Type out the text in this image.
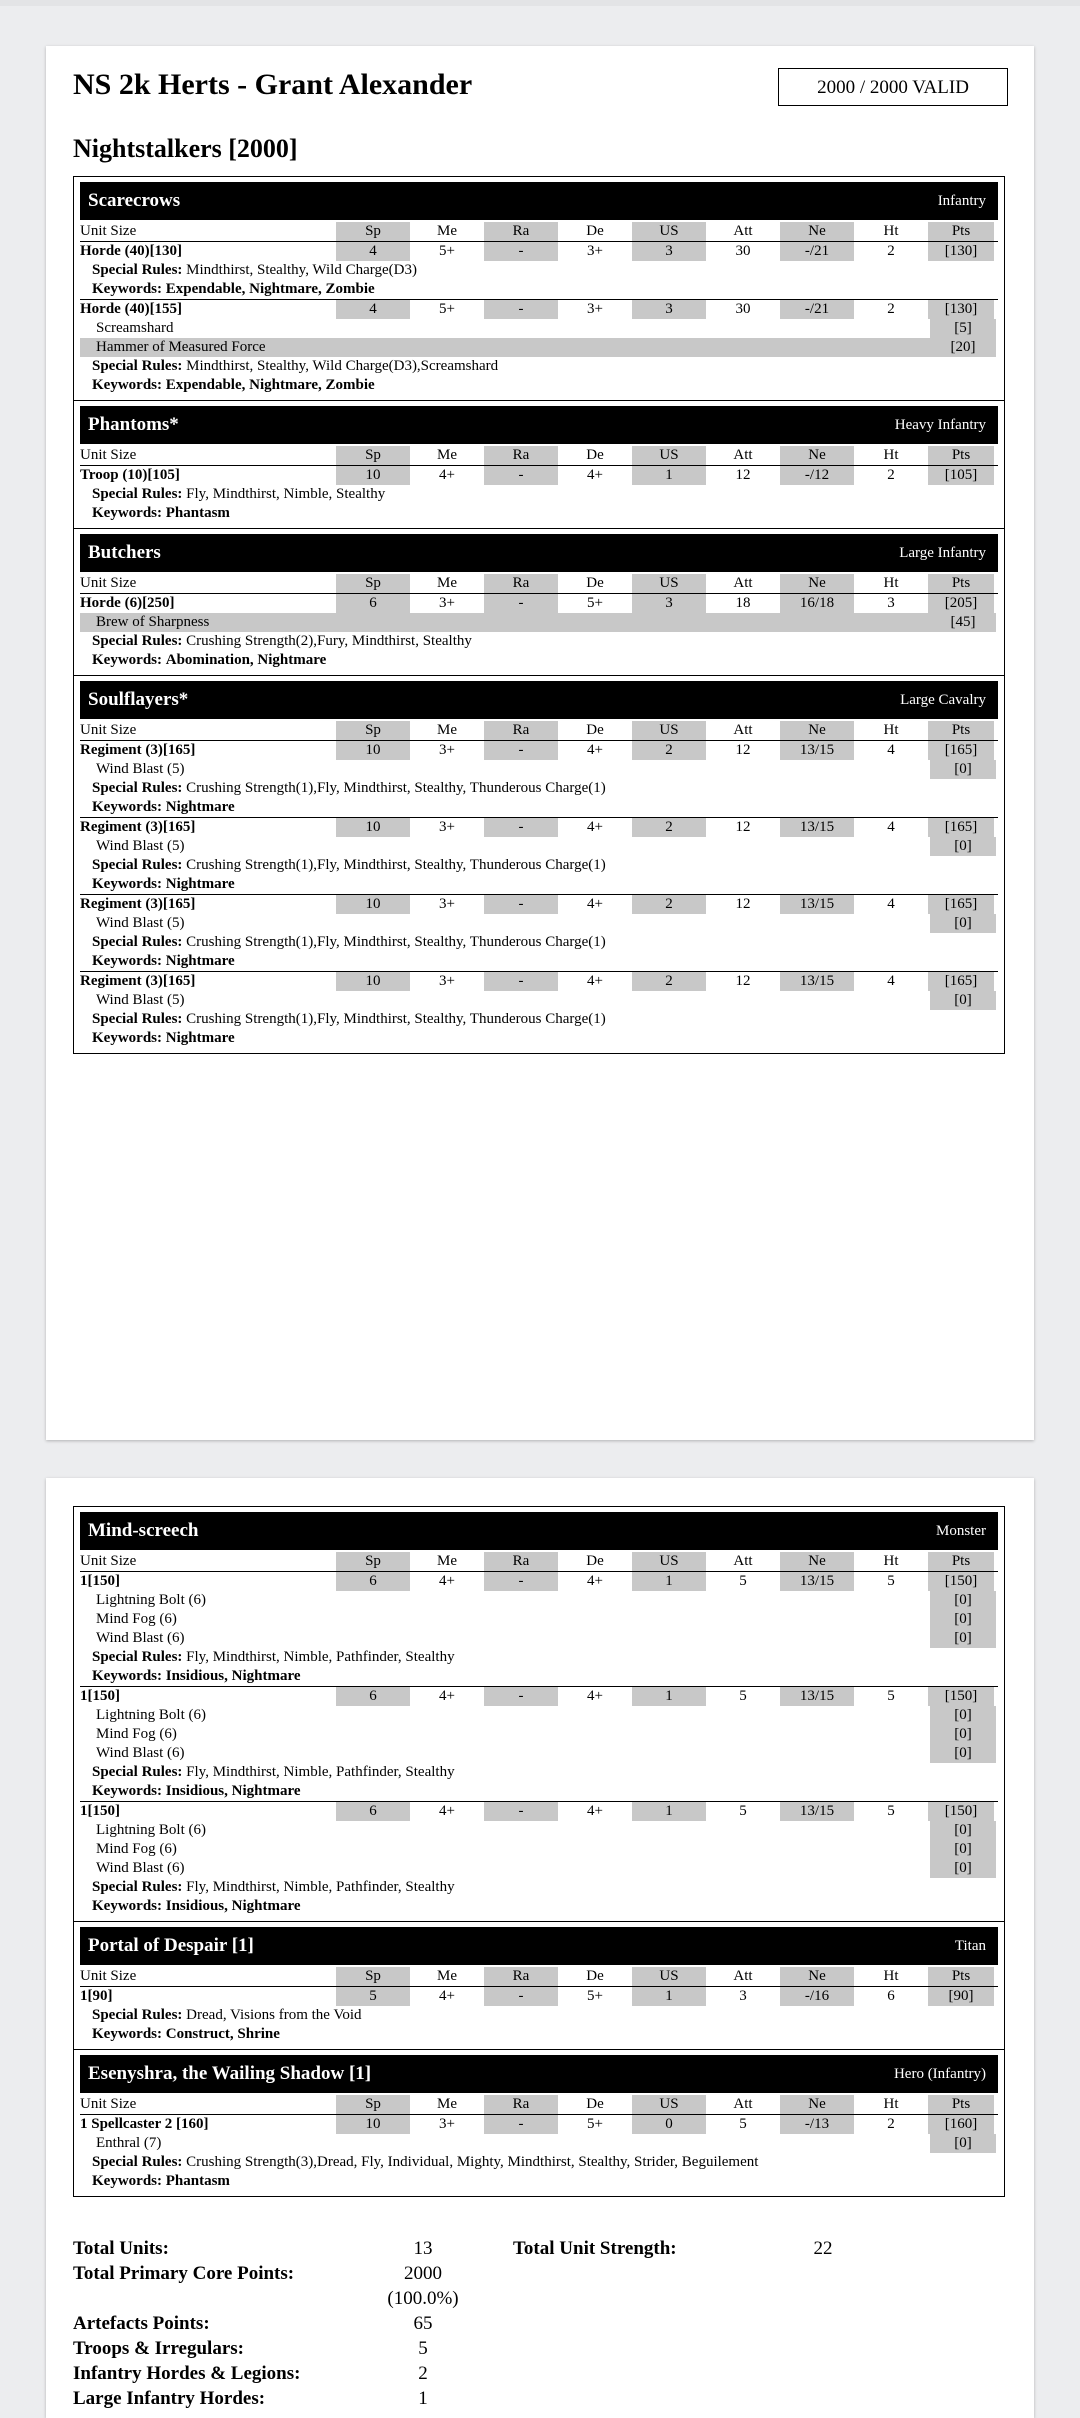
NS 2k Herts - Grant Alexander	2000 / 2000 VALID
Nightstalkers [2000]
Scarecrows	Infantry
Unit Size	Sp	Me	Ra	De	US	Att	Ne	Ht	Pts
Horde (40)[130]	4	5+	-	3+	3	30	-/21	2	[130]
Special Rules: Mindthirst, Stealthy, Wild Charge(D3)
Keywords: Expendable, Nightmare, Zombie
Horde (40)[155]	4	5+	-	3+	3	30	-/21	2	[130]
Screamshard	[5]
Hammer of Measured Force	[20]
Special Rules: Mindthirst, Stealthy, Wild Charge(D3),Screamshard
Keywords: Expendable, Nightmare, Zombie
Phantoms*	Heavy Infantry
Unit Size	Sp	Me	Ra	De	US	Att	Ne	Ht	Pts
Troop (10)[105]	10	4+	-	4+	1	12	-/12	2	[105]
Special Rules: Fly, Mindthirst, Nimble, Stealthy
Keywords: Phantasm
Butchers	Large Infantry
Unit Size	Sp	Me	Ra	De	US	Att	Ne	Ht	Pts
Horde (6)[250]	6	3+	-	5+	3	18	16/18	3	[205]
Brew of Sharpness	[45]
Special Rules: Crushing Strength(2),Fury, Mindthirst, Stealthy
Keywords: Abomination, Nightmare
Soulflayers*	Large Cavalry
Unit Size	Sp	Me	Ra	De	US	Att	Ne	Ht	Pts
Regiment (3)[165]	10	3+	-	4+	2	12	13/15	4	[165]
Wind Blast (5)	[0]
Special Rules: Crushing Strength(1),Fly, Mindthirst, Stealthy, Thunderous Charge(1)
Keywords: Nightmare
Regiment (3)[165]	10	3+	-	4+	2	12	13/15	4	[165]
Wind Blast (5)	[0]
Special Rules: Crushing Strength(1),Fly, Mindthirst, Stealthy, Thunderous Charge(1)
Keywords: Nightmare
Regiment (3)[165]	10	3+	-	4+	2	12	13/15	4	[165]
Wind Blast (5)	[0]
Special Rules: Crushing Strength(1),Fly, Mindthirst, Stealthy, Thunderous Charge(1)
Keywords: Nightmare
Regiment (3)[165]	10	3+	-	4+	2	12	13/15	4	[165]
Wind Blast (5)	[0]
Special Rules: Crushing Strength(1),Fly, Mindthirst, Stealthy, Thunderous Charge(1)
Keywords: Nightmare
Mind-screech	Monster
Unit Size	Sp	Me	Ra	De	US	Att	Ne	Ht	Pts
1[150]	6	4+	-	4+	1	5	13/15	5	[150]
Lightning Bolt (6)	[0]
Mind Fog (6)	[0]
Wind Blast (6)	[0]
Special Rules: Fly, Mindthirst, Nimble, Pathfinder, Stealthy
Keywords: Insidious, Nightmare
1[150]	6	4+	-	4+	1	5	13/15	5	[150]
Lightning Bolt (6)	[0]
Mind Fog (6)	[0]
Wind Blast (6)	[0]
Special Rules: Fly, Mindthirst, Nimble, Pathfinder, Stealthy
Keywords: Insidious, Nightmare
1[150]	6	4+	-	4+	1	5	13/15	5	[150]
Lightning Bolt (6)	[0]
Mind Fog (6)	[0]
Wind Blast (6)	[0]
Special Rules: Fly, Mindthirst, Nimble, Pathfinder, Stealthy
Keywords: Insidious, Nightmare
Portal of Despair [1]	Titan
Unit Size	Sp	Me	Ra	De	US	Att	Ne	Ht	Pts
1[90]	5	4+	-	5+	1	3	-/16	6	[90]
Special Rules: Dread, Visions from the Void
Keywords: Construct, Shrine
Esenyshra, the Wailing Shadow [1]	Hero (Infantry)
Unit Size	Sp	Me	Ra	De	US	Att	Ne	Ht	Pts
1 Spellcaster 2 [160]	10	3+	-	5+	0	5	-/13	2	[160]
Enthral (7)	[0]
Special Rules: Crushing Strength(3),Dread, Fly, Individual, Mighty, Mindthirst, Stealthy, Strider, Beguilement
Keywords: Phantasm
Total Units:	13	Total Unit Strength:	22
Total Primary Core Points:	2000
(100.0%)
Artefacts Points:	65
Troops & Irregulars:	5
Infantry Hordes & Legions:	2
Large Infantry Hordes:	1
